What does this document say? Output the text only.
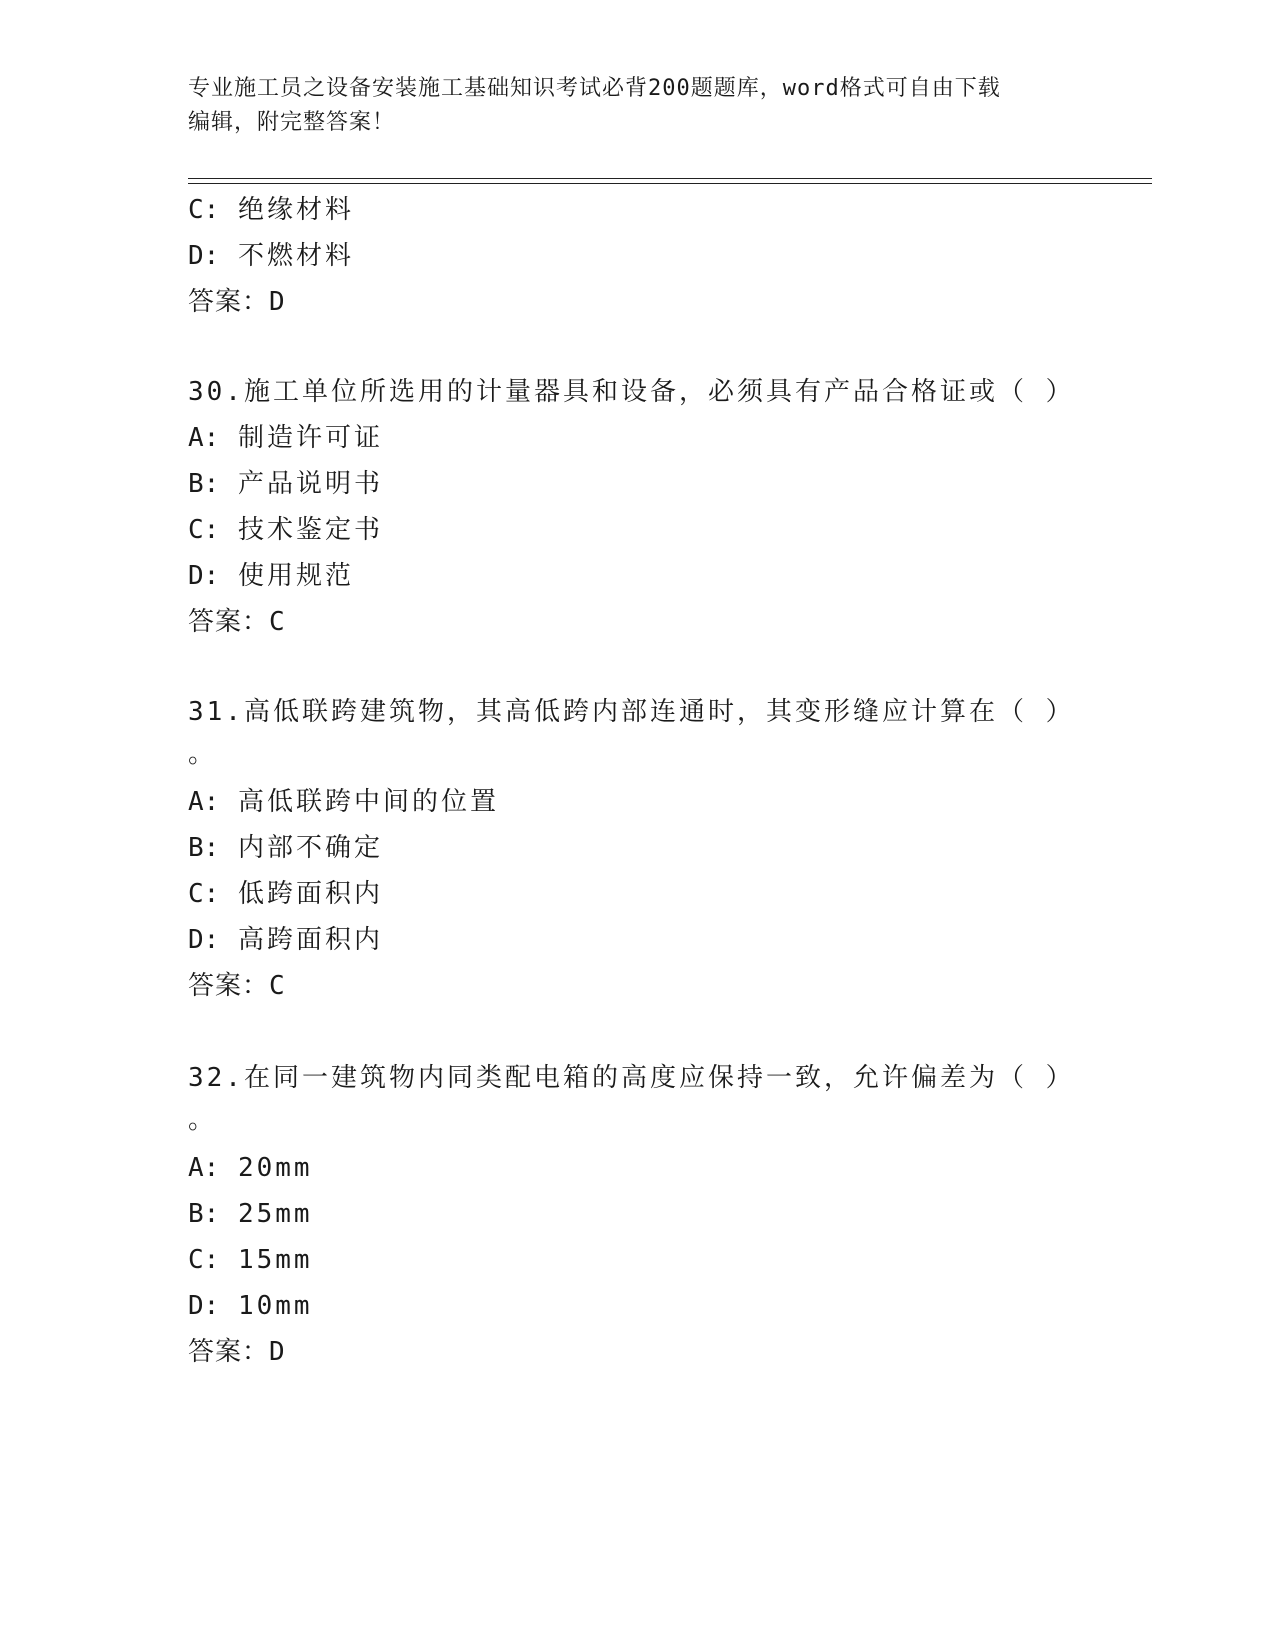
专业施工员之设备安装施工基础知识考试必背200题题库，word格式可自由下载
编辑，附完整答案！
C: 绝缘材料
D: 不燃材料
答案：D
30.施工单位所选用的计量器具和设备，必须具有产品合格证或（ ）
A: 制造许可证
B: 产品说明书
C: 技术鉴定书
D: 使用规范
答案：C
31.高低联跨建筑物，其高低跨内部连通时，其变形缝应计算在（ ）
。
A: 高低联跨中间的位置
B: 内部不确定
C: 低跨面积内
D: 高跨面积内
答案：C
32.在同一建筑物内同类配电箱的高度应保持一致，允许偏差为（ ）
。
A: 20mm
B: 25mm
C: 15mm
D: 10mm
答案：D
